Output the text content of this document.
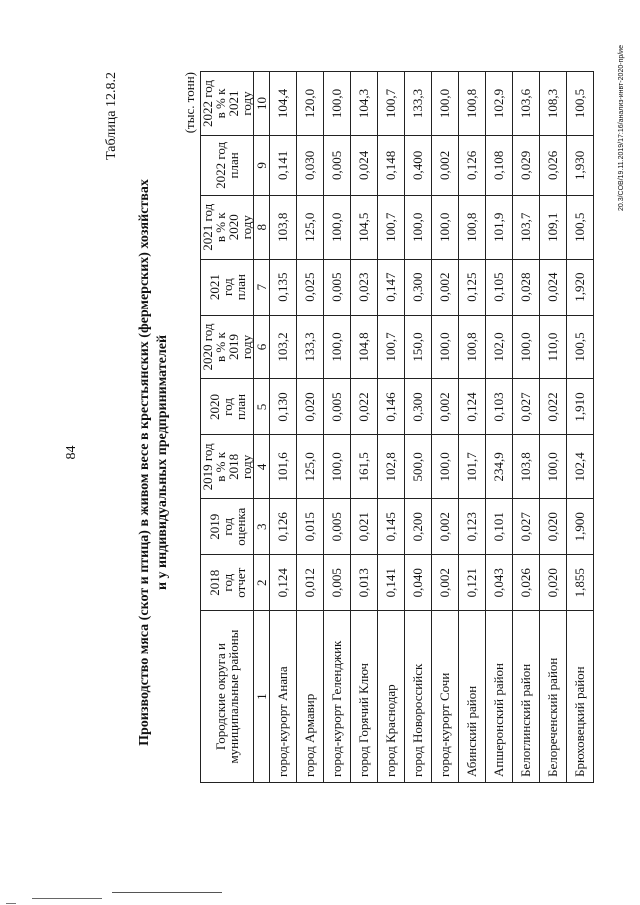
84
Таблица 12.8.2
Производство мяса (скот и птица) в живом весе в крестьянских (фермерских) хозяйствах и у индивидуальных предпринимателей
(тыс. тонн)
Городские округа и муниципальные районы	2018 год отчет	2019 год оценка	2019 год в % к 2018 году	2020 год план	2020 год в % к 2019 году	2021 год план	2021 год в % к 2020 году	2022 год план	2022 год в % к 2021 году
1	2	3	4	5	6	7	8	9	10
город-курорт Анапа	0,124	0,126	101,6	0,130	103,2	0,135	103,8	0,141	104,4
город Армавир	0,012	0,015	125,0	0,020	133,3	0,025	125,0	0,030	120,0
город-курорт Геленджик	0,005	0,005	100,0	0,005	100,0	0,005	100,0	0,005	100,0
город Горячий Ключ	0,013	0,021	161,5	0,022	104,8	0,023	104,5	0,024	104,3
город Краснодар	0,141	0,145	102,8	0,146	100,7	0,147	100,7	0,148	100,7
город Новороссийск	0,040	0,200	500,0	0,300	150,0	0,300	100,0	0,400	133,3
город-курорт Сочи	0,002	0,002	100,0	0,002	100,0	0,002	100,0	0,002	100,0
Абинский район	0,121	0,123	101,7	0,124	100,8	0,125	100,8	0,126	100,8
Апшеронский район	0,043	0,101	234,9	0,103	102,0	0,105	101,9	0,108	102,9
Белоглинский район	0,026	0,027	103,8	0,027	100,0	0,028	103,7	0,029	103,6
Белореченский район	0,020	0,020	100,0	0,022	110,0	0,024	109,1	0,026	108,3
Брюховецкий район	1,855	1,900	102,4	1,910	100,5	1,920	100,5	1,930	100,5	20.3/COB/19.11.2019/17:16/анализ-инвт-2020-пр/ие
